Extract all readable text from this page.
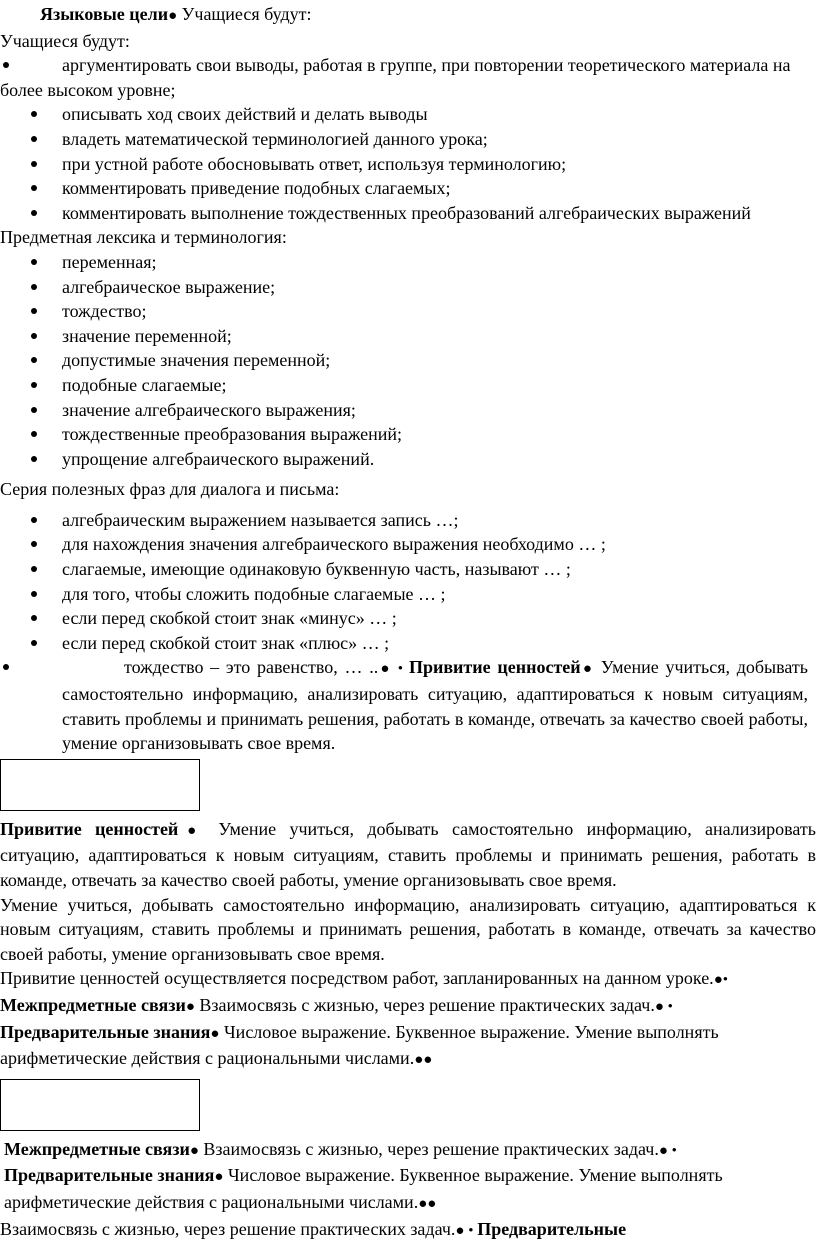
Языковые цели● Учащиеся будут:

Учащиеся будут:

аргументировать свои выводы, работая в группе, при повторении теоретического материала на более высоком уровне;
описывать ход своих действий и делать выводы
владеть математической терминологией данного урока;
при устной работе обосновывать ответ, используя терминологию;
комментировать приведение подобных слагаемых;
комментировать выполнение тождественных преобразований алгебраических выражений

Предметная лексика и терминология:

переменная;
алгебраическое выражение;
тождество;
значение переменной;
допустимые значения переменной;
подобные слагаемые;
значение алгебраического выражения;
тождественные преобразования выражений;
упрощение алгебраического выражений.

Серия полезных фраз для диалога и письма:

алгебраическим выражением называется запись …;
для нахождения значения алгебраического выражения необходимо … ;
слагаемые, имеющие одинаковую буквенную часть, называют … ;
для того, чтобы сложить подобные слагаемые … ;
если перед скобкой стоит знак «минус» … ;
если перед скобкой стоит знак «плюс» … ;
тождество – это равенство, … ..● • Привитие ценностей● Умение учиться, добывать самостоятельно информацию, анализировать ситуацию, адаптироваться к новым ситуациям, ставить проблемы и принимать решения, работать в команде, отвечать за качество своей работы, умение организовывать свое время.

Привитие ценностей● Умение учиться, добывать самостоятельно информацию, анализировать ситуацию, адаптироваться к новым ситуациям, ставить проблемы и принимать решения, работать в команде, отвечать за качество своей работы, умение организовывать свое время.

Умение учиться, добывать самостоятельно информацию, анализировать ситуацию, адаптироваться к новым ситуациям, ставить проблемы и принимать решения, работать в команде, отвечать за качество своей работы, умение организовывать свое время.

Привитие ценностей осуществляется посредством работ, запланированных на данном уроке.●• Межпредметные связи● Взаимосвязь с жизнью, через решение практических задач.● • Предварительные знания● Числовое выражение. Буквенное выражение. Умение выполнять арифметические действия с рациональными числами.●●

Межпредметные связи● Взаимосвязь с жизнью, через решение практических задач.● • Предварительные знания● Числовое выражение. Буквенное выражение. Умение выполнять арифметические действия с рациональными числами.●●

Взаимосвязь с жизнью, через решение практических задач.● • Предварительные
